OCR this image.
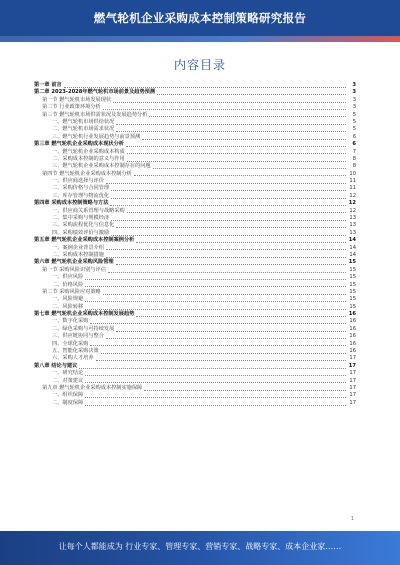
燃气轮机企业采购成本控制策略研究报告
内容目录
第一章 前言	3
第二章 2023-2028年燃气轮机市场前景及趋势预测	3
第一节 燃气轮机市场发展现状	3
第二节 行业政策环境分析	3
第三节 燃气轮机市场供需状况及发展趋势分析	5
一、燃气轮机市场供给状况	5
二、燃气轮机市场需求状况	5
三、燃气轮机行业发展趋势与前景预测	6
第三章 燃气轮机企业采购成本现状分析	6
一、燃气轮机企业采购成本构成	7
二、采购成本控制的意义与作用	8
三、燃气轮机企业采购成本控制存在的问题	8
第四节 燃气轮机企业采购成本控制分析	10
一、供应商选择与评价	11
二、采购价格与合同管理	11
三、库存管理与物流优化	12
第四章 采购成本控制策略与方法	12
一、供应商关系管理与战略采购	12
二、集中采购与规模经济	13
三、采购流程优化与信息化	13
四、采购绩效评价与激励	13
第五章 燃气轮机企业采购成本控制案例分析	14
一、案例企业背景介绍	14
二、采购成本控制措施	14
第六章 燃气轮机企业采购风险管理	15
第一节 采购风险识别与评估	15
一、供应风险	15
二、价格风险	15
第二节 采购风险应对策略	15
一、风险规避	15
二、风险转移	15
第七章 燃气轮机企业采购成本控制发展趋势	16
一、数字化采购	16
二、绿色采购与可持续发展	16
三、供应链协同与整合	16
四、全球化采购	16
五、智能化采购决策	16
六、采购人才培养	17
第八章 结论与建议	17
一、研究结论	17
二、对策建议	17
第九章 燃气轮机企业采购成本控制实施保障	17
一、组织保障	17
二、制度保障	17
1
让每个人都能成为 行业专家、管理专家、营销专家、战略专家、成本企业家……
